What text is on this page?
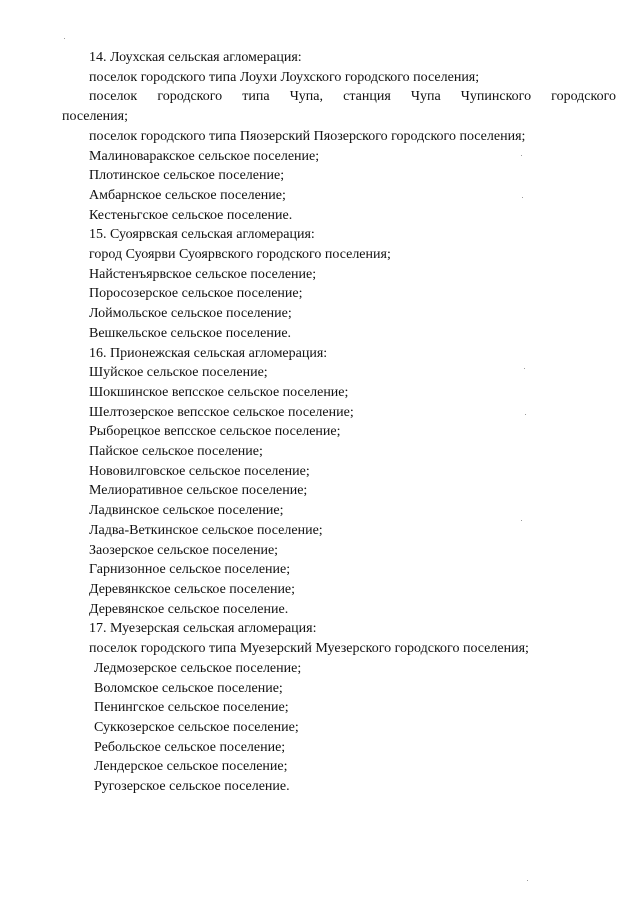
14. Лоухская сельская агломерация:

поселок городского типа Лоухи Лоухского городского поселения;

поселок городского типа Чупа, станция Чупа Чупинского городского

поселения;

поселок городского типа Пяозерский Пяозерского городского поселения;

Малиноваракское сельское поселение;

Плотинское сельское поселение;

Амбарнское сельское поселение;

Кестеньгское сельское поселение.

15. Суоярвская сельская агломерация:

город Суоярви Суоярвского городского поселения;

Найстенъярвское сельское поселение;

Поросозерское сельское поселение;

Лоймольское сельское поселение;

Вешкельское сельское поселение.

16. Прионежская сельская агломерация:

Шуйское сельское поселение;

Шокшинское вепсское сельское поселение;

Шелтозерское вепсское сельское поселение;

Рыборецкое вепсское сельское поселение;

Пайское сельское поселение;

Нововилговское сельское поселение;

Мелиоративное сельское поселение;

Ладвинское сельское поселение;

Ладва-Веткинское сельское поселение;

Заозерское сельское поселение;

Гарнизонное сельское поселение;

Деревянкское сельское поселение;

Деревянское сельское поселение.

17. Муезерская сельская агломерация:

поселок городского типа Муезерский Муезерского городского поселения;

Ледмозерское сельское поселение;

Воломское сельское поселение;

Пенингское сельское поселение;

Суккозерское сельское поселение;

Ребольское сельское поселение;

Лендерское сельское поселение;

Ругозерское сельское поселение.
